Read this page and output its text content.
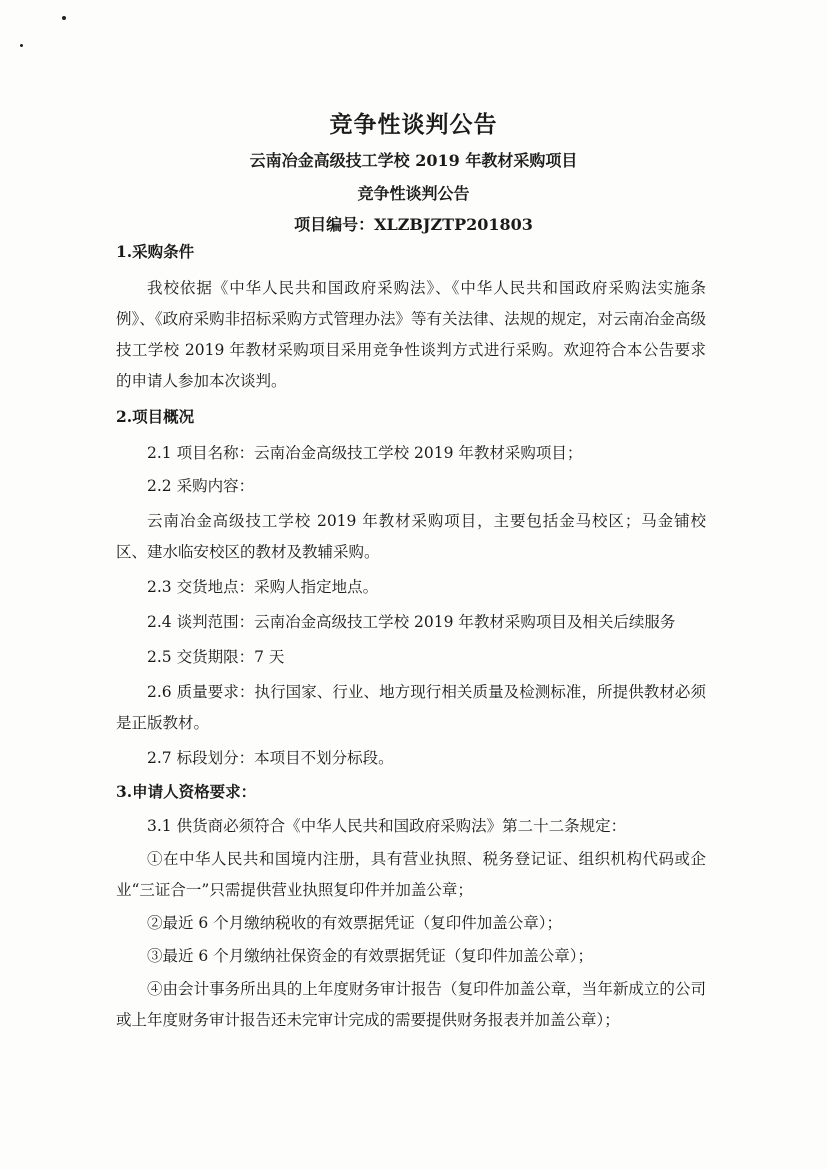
竞争性谈判公告
云南冶金高级技工学校 2019 年教材采购项目
竞争性谈判公告
项目编号：XLZBJZTP201803
1.采购条件
我校依据《中华人民共和国政府采购法》、《中华人民共和国政府采购法实施条例》、《政府采购非招标采购方式管理办法》等有关法律、法规的规定，对云南冶金高级技工学校 2019 年教材采购项目采用竞争性谈判方式进行采购。欢迎符合本公告要求的申请人参加本次谈判。
2.项目概况
2.1 项目名称：云南冶金高级技工学校 2019 年教材采购项目；
2.2 采购内容：
云南冶金高级技工学校 2019 年教材采购项目，主要包括金马校区；马金铺校区、建水临安校区的教材及教辅采购。
2.3 交货地点：采购人指定地点。
2.4 谈判范围：云南冶金高级技工学校 2019 年教材采购项目及相关后续服务
2.5 交货期限：7 天
2.6 质量要求：执行国家、行业、地方现行相关质量及检测标准，所提供教材必须是正版教材。
2.7 标段划分：本项目不划分标段。
3.申请人资格要求：
3.1 供货商必须符合《中华人民共和国政府采购法》第二十二条规定：
①在中华人民共和国境内注册，具有营业执照、税务登记证、组织机构代码或企业“三证合一”只需提供营业执照复印件并加盖公章；
②最近 6 个月缴纳税收的有效票据凭证（复印件加盖公章）；
③最近 6 个月缴纳社保资金的有效票据凭证（复印件加盖公章）；
④由会计事务所出具的上年度财务审计报告（复印件加盖公章，当年新成立的公司或上年度财务审计报告还未完审计完成的需要提供财务报表并加盖公章）；
